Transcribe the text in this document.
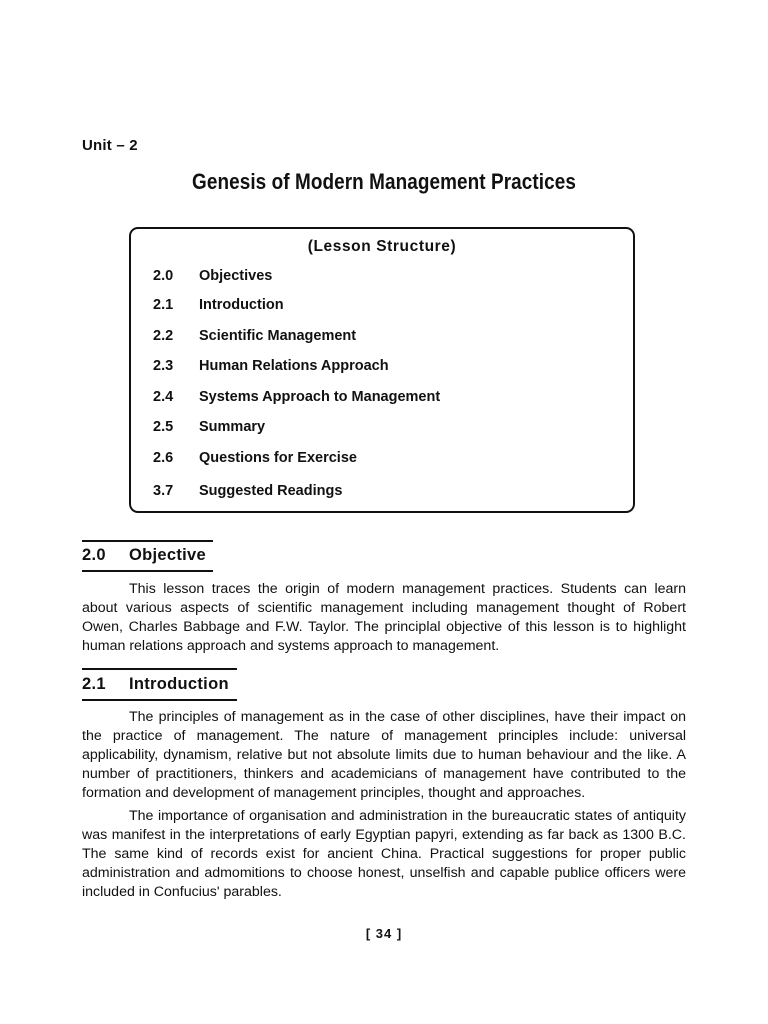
Unit – 2
Genesis of Modern Management Practices
(Lesson Structure)
2.0 Objectives
2.1 Introduction
2.2 Scientific Management
2.3 Human Relations Approach
2.4 Systems Approach to Management
2.5 Summary
2.6 Questions for Exercise
3.7 Suggested Readings
2.0 Objective

This lesson traces the origin of modern management practices. Students can learn about various aspects of scientific management including management thought of Robert Owen, Charles Babbage and F.W. Taylor. The principlal objective of this lesson is to highlight human relations approach and systems approach to management.

2.1 Introduction

The principles of management as in the case of other disciplines, have their impact on the practice of management. The nature of management principles include: universal applicability, dynamism, relative but not absolute limits due to human behaviour and the like. A number of practitioners, thinkers and academicians of management have contributed to the formation and development of management principles, thought and approaches.

The importance of organisation and administration in the bureaucratic states of antiquity was manifest in the interpretations of early Egyptian papyri, extending as far back as 1300 B.C. The same kind of records exist for ancient China. Practical suggestions for proper public administration and admomitions to choose honest, unselfish and capable publice officers were included in Confucius' parables.

[ 34 ]
